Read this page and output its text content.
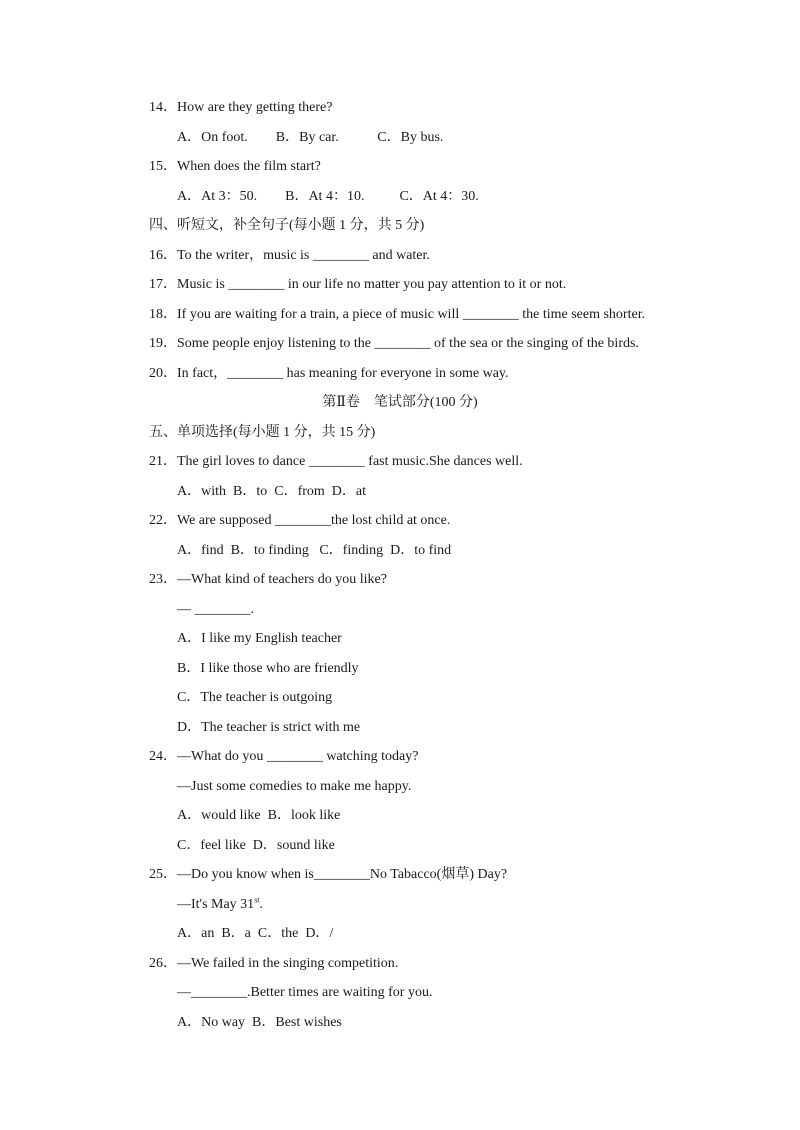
14．How are they getting there?
A．On foot.        B．By car.           C．By bus.
15．When does the film start?
A．At 3：50.        B．At 4：10.          C．At 4：30.
四、听短文，补全句子(每小题 1 分，共 5 分)
16．To the writer，music is ________ and water.
17．Music is ________ in our life no matter you pay attention to it or not.
18．If you are waiting for a train, a piece of music will ________ the time seem shorter.
19．Some people enjoy listening to the ________ of the sea or the singing of the birds.
20．In fact，________ has meaning for everyone in some way.
第Ⅱ卷　笔试部分(100 分)
五、单项选择(每小题 1 分，共 15 分)
21．The girl loves to dance ________ fast music.She dances well.
A．with  B．to  C．from  D．at
22．We are supposed ________the lost child at once.
A．find  B．to finding   C．finding  D．to find
23．—What kind of teachers do you like?
— ________.
A．I like my English teacher
B．I like those who are friendly
C．The teacher is outgoing
D．The teacher is strict with me
24．—What do you ________ watching today?
—Just some comedies to make me happy.
A．would like  B．look like
C．feel like  D．sound like
25．—Do you know when is________No Tabacco(烟草) Day?
—It's May 31st.
A．an  B．a  C．the  D．/
26．—We failed in the singing competition.
—________.Better times are waiting for you.
A．No way  B．Best wishes
